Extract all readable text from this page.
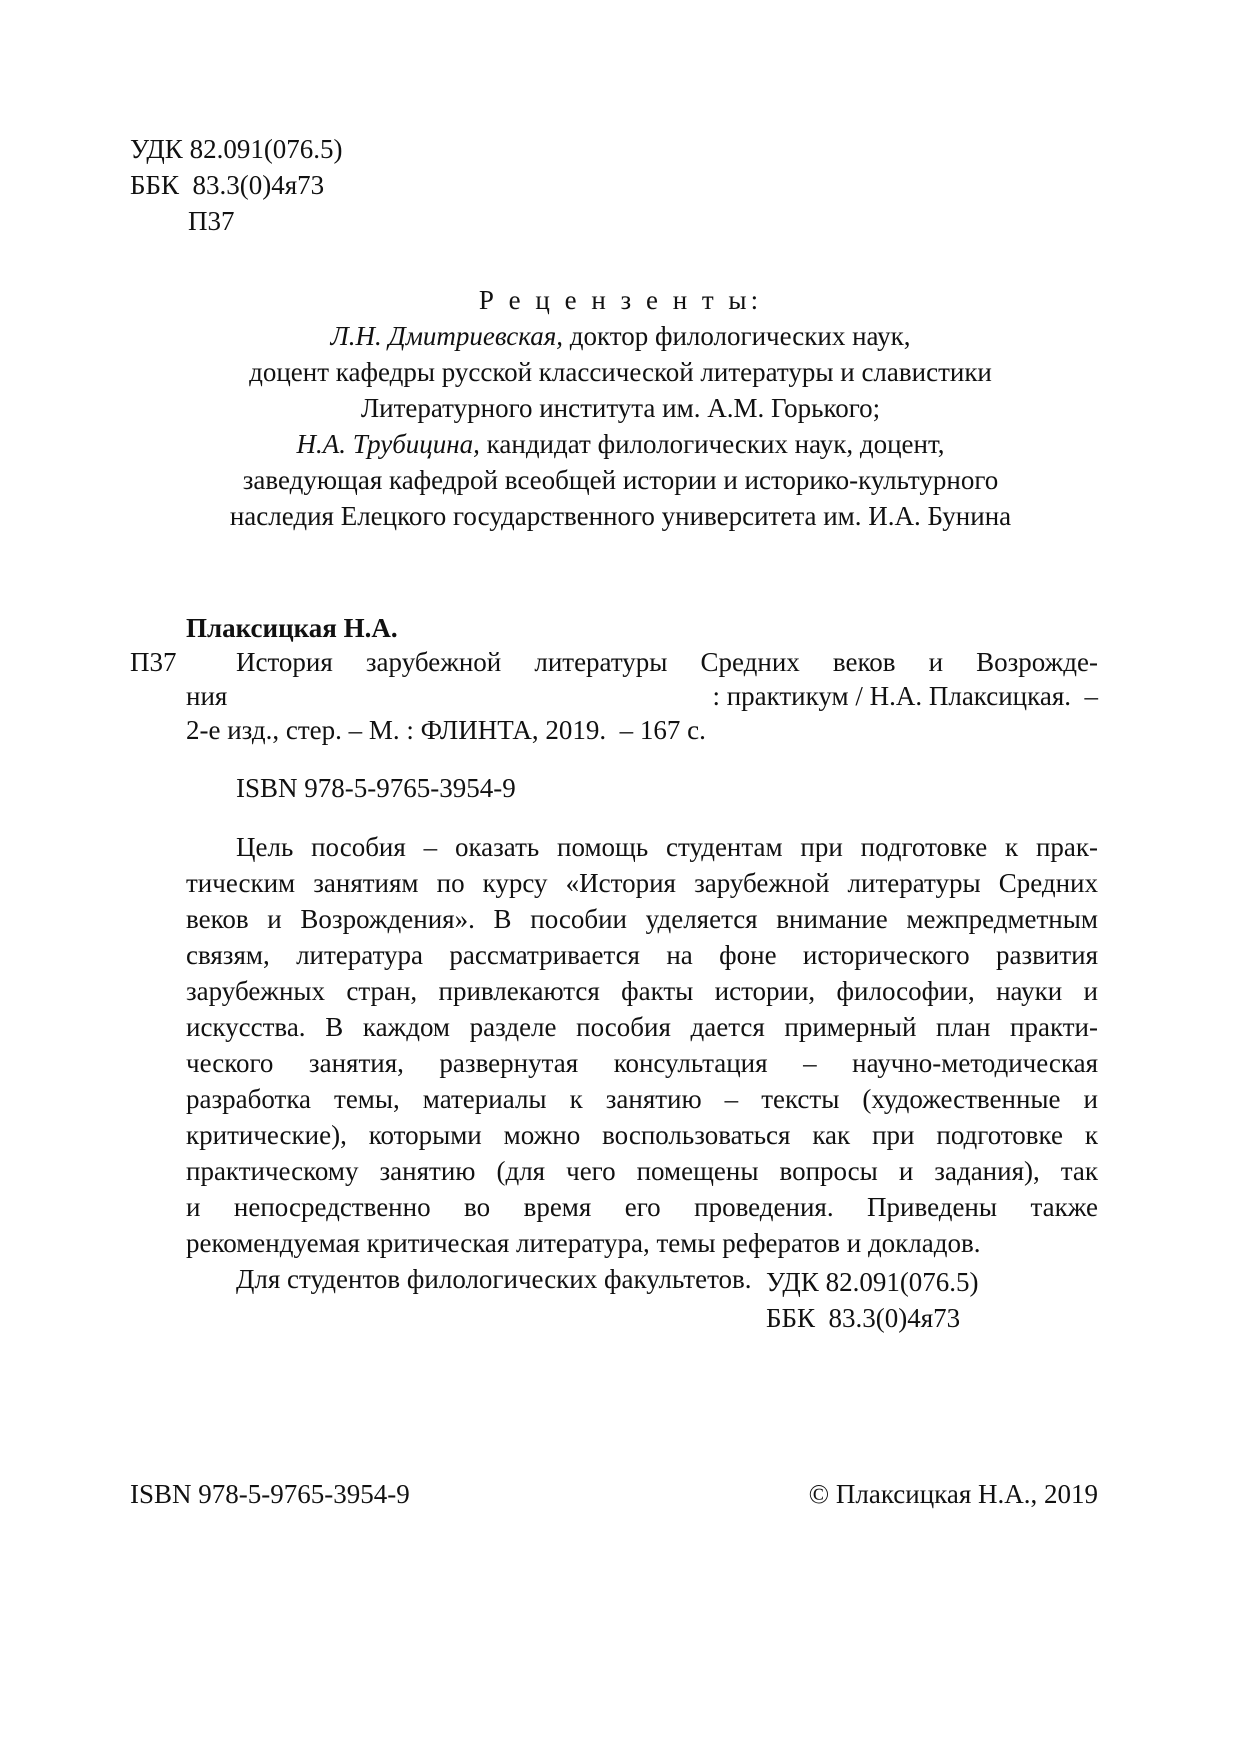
УДК 82.091(076.5)
ББК  83.3(0)4я73
П37
Р е ц е н з е н т ы:
Л.Н. Дмитриевская, доктор филологических наук,
доцент кафедры русской классической литературы и славистики
Литературного института им. А.М. Горького;
Н.А. Трубицина, кандидат филологических наук, доцент,
заведующая кафедрой всеобщей истории и историко-культурного
наследия Елецкого государственного университета им. И.А. Бунина
Плаксицкая Н.А.
П37 История зарубежной литературы Средних веков и Возрожде-
ния	: практикум / Н.А. Плаксицкая.  –
2-е изд., стер. – М. : ФЛИНТА, 2019.  – 167 с.
ISBN 978-5-9765-3954-9
Цель пособия – оказать помощь студентам при подготовке к прак-
тическим занятиям по курсу «История зарубежной литературы Средних
веков и Возрождения». В пособии уделяется внимание межпредметным
связям, литература рассматривается на фоне исторического развития
зарубежных стран, привлекаются факты истории, философии, науки и
искусства. В каждом разделе пособия дается примерный план практи-
ческого занятия, развернутая консультация – научно-методическая
разработка темы, материалы к занятию – тексты (художественные и
критические), которыми можно воспользоваться как при подготовке к
практическому занятию (для чего помещены вопросы и задания), так
и непосредственно во время его проведения. Приведены также
рекомендуемая критическая литература, темы рефератов и докладов.
Для студентов филологических факультетов. УДК 82.091(076.5)
ББК  83.3(0)4я73
ISBN 978-5-9765-3954-9	© Плаксицкая Н.А., 2019
